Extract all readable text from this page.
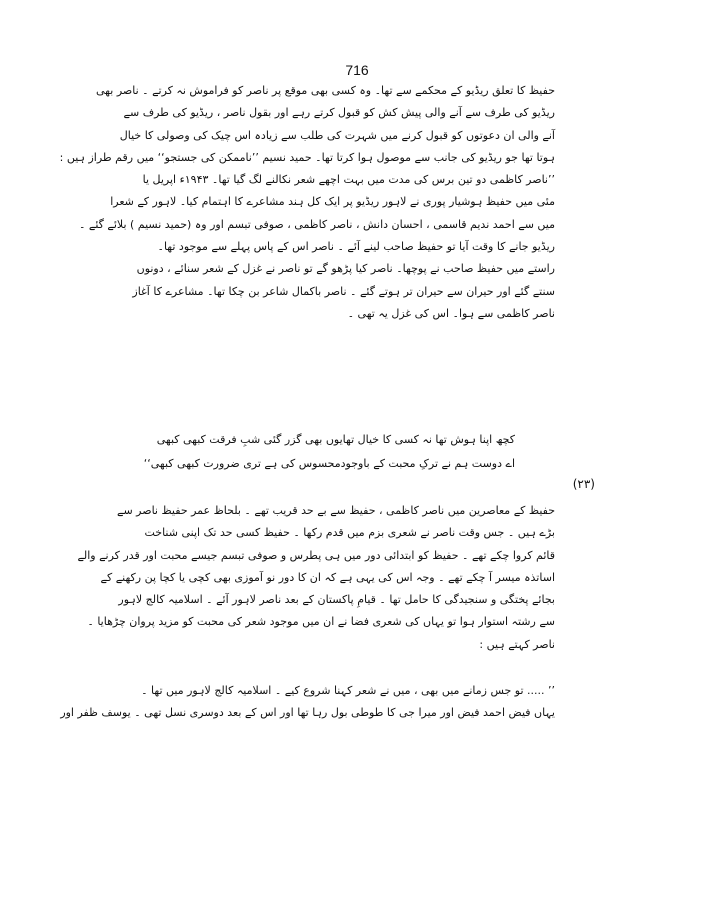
716
حفیظ کا تعلق ریڈیو کے محکمے سے تھا۔ وہ کسی بھی موقع پر ناصر کو فراموش نہ کرتے ۔ ناصر بھی
ریڈیو کی طرف سے آنے والی پیش کش کو قبول کرتے رہے اور بقول ناصر ، ریڈیو کی طرف سے
آنے والی ان دعوتوں کو قبول کرنے میں شہرت کی طلب سے زیادہ اس چیک کی وصولی کا خیال
ہوتا تھا جو ریڈیو کی جانب سے موصول ہوا کرتا تھا۔ حمید نسیم ’’ناممکن کی جستجو‘‘ میں رقم طراز ہیں :
’’ناصر کاظمی دو تین برس کی مدت میں بہت اچھے شعر نکالنے لگ گیا تھا۔ ۱۹۴۳ء اپریل یا
مئی میں حفیظ ہوشیار پوری نے لاہور ریڈیو پر ایک کل ہند مشاعرے کا اہتمام کیا۔ لاہور کے شعرا
میں سے احمد ندیم قاسمی ، احسان دانش ، ناصر کاظمی ، صوفی تبسم اور وہ (حمید نسیم ) بلائے گئے ۔
ریڈیو جانے کا وقت آیا تو حفیظ صاحب لینے آئے ۔ ناصر اس کے پاس پہلے سے موجود تھا۔
راستے میں حفیظ صاحب نے پوچھا۔ ناصر کیا پڑھو گے تو ناصر نے غزل کے شعر سنائے ، دونوں
سنتے گئے اور حیران سے حیران تر ہوتے گئے ۔ ناصر باکمال شاعر بن چکا تھا۔ مشاعرے کا آغاز
ناصر کاظمی سے ہوا۔ اس کی غزل یہ تھی ۔
کچھ اپنا ہوش تھا نہ کسی کا خیال تھا
یوں بھی گزر گئی شبِ فرقت کبھی کبھی
اے دوست ہم نے ترکِ محبت کے باوجود
محسوس کی ہے تری ضرورت کبھی کبھی‘‘
(۲۳)
حفیظ کے معاصرین میں ناصر کاظمی ، حفیظ سے بے حد قریب تھے ۔ بلحاظ عمر حفیظ ناصر سے
بڑے ہیں ۔ جس وقت ناصر نے شعری بزم میں قدم رکھا ۔ حفیظ کسی حد تک اپنی شناخت
قائم کروا چکے تھے ۔ حفیظ کو ابتدائی دور میں ہی پطرس و صوفی تبسم جیسے محبت اور قدر کرنے والے
اساتذہ میسر آ چکے تھے ۔ وجہ اس کی یہی ہے کہ ان کا دور نو آموزی بھی کچی یا کچا پن رکھنے کے
بجائے پختگی و سنجیدگی کا حامل تھا ۔ قیامِ پاکستان کے بعد ناصر لاہور آئے ۔ اسلامیہ کالج لاہور
سے رشتہ استوار ہوا تو یہاں کی شعری فضا نے ان میں موجود شعر کی محبت کو مزید پروان چڑھایا ۔
ناصر کہتے ہیں :
’’ ..... تو جس زمانے میں بھی ، میں نے شعر کہنا شروع کیے ۔ اسلامیہ کالج لاہور میں تھا ۔
یہاں فیض احمد فیض اور میرا جی کا طوطی بول رہا تھا اور اس کے بعد دوسری نسل تھی ۔ یوسف ظفر اور
